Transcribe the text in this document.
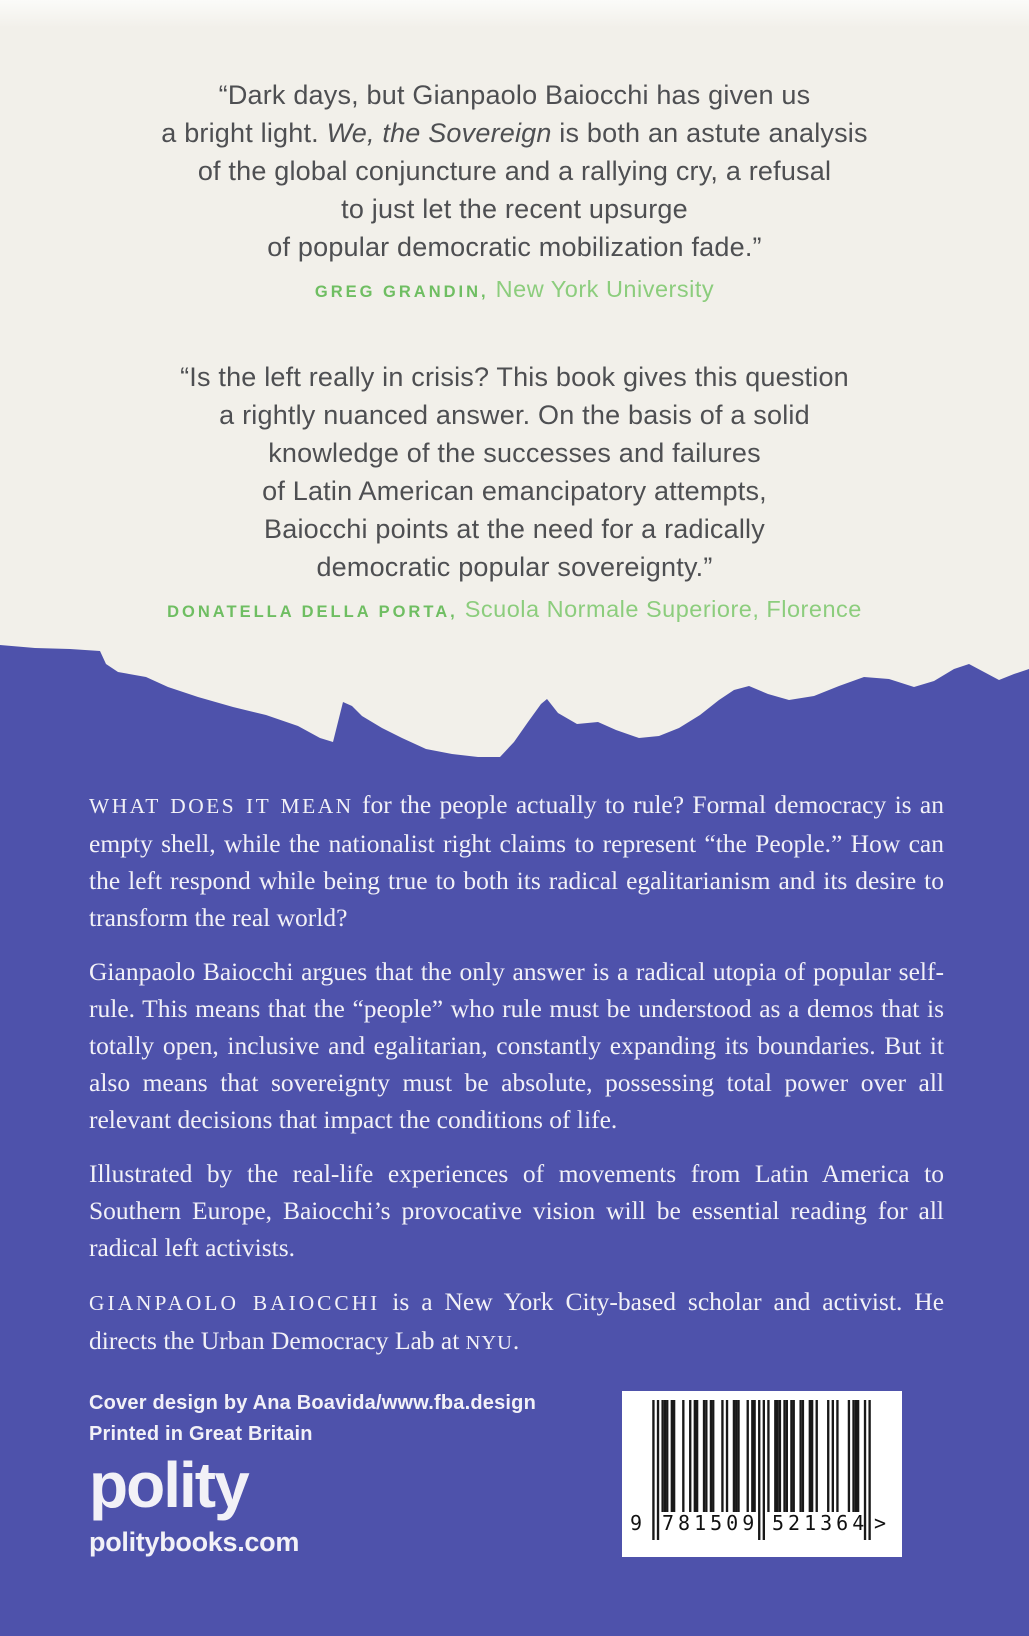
“Dark days, but Gianpaolo Baiocchi has given us
a bright light. We, the Sovereign is both an astute analysis
of the global conjuncture and a rallying cry, a refusal
to just let the recent upsurge
of popular democratic mobilization fade.”
GREG GRANDIN, New York University
“Is the left really in crisis? This book gives this question
a rightly nuanced answer. On the basis of a solid
knowledge of the successes and failures
of Latin American emancipatory attempts,
Baiocchi points at the need for a radically
democratic popular sovereignty.”
DONATELLA DELLA PORTA, Scuola Normale Superiore, Florence

WHAT DOES IT MEAN for the people actually to rule? Formal democracy is an empty shell, while the nationalist right claims to represent “the People.” How can the left respond while being true to both its radical egalitarianism and its desire to transform the real world?

Gianpaolo Baiocchi argues that the only answer is a radical utopia of popular self-rule. This means that the “people” who rule must be understood as a demos that is totally open, inclusive and egalitarian, constantly expanding its boundaries. But it also means that sovereignty must be absolute, possessing total power over all relevant decisions that impact the conditions of life.

Illustrated by the real-life experiences of movements from Latin America to Southern Europe, Baiocchi’s provocative vision will be essential reading for all radical left activists.

GIANPAOLO BAIOCCHI is a New York City-based scholar and activist. He directs the Urban Democracy Lab at NYU.

Cover design by Ana Boavida/www.fba.design
Printed in Great Britain
polity
politybooks.com
9 781509 521364 >
